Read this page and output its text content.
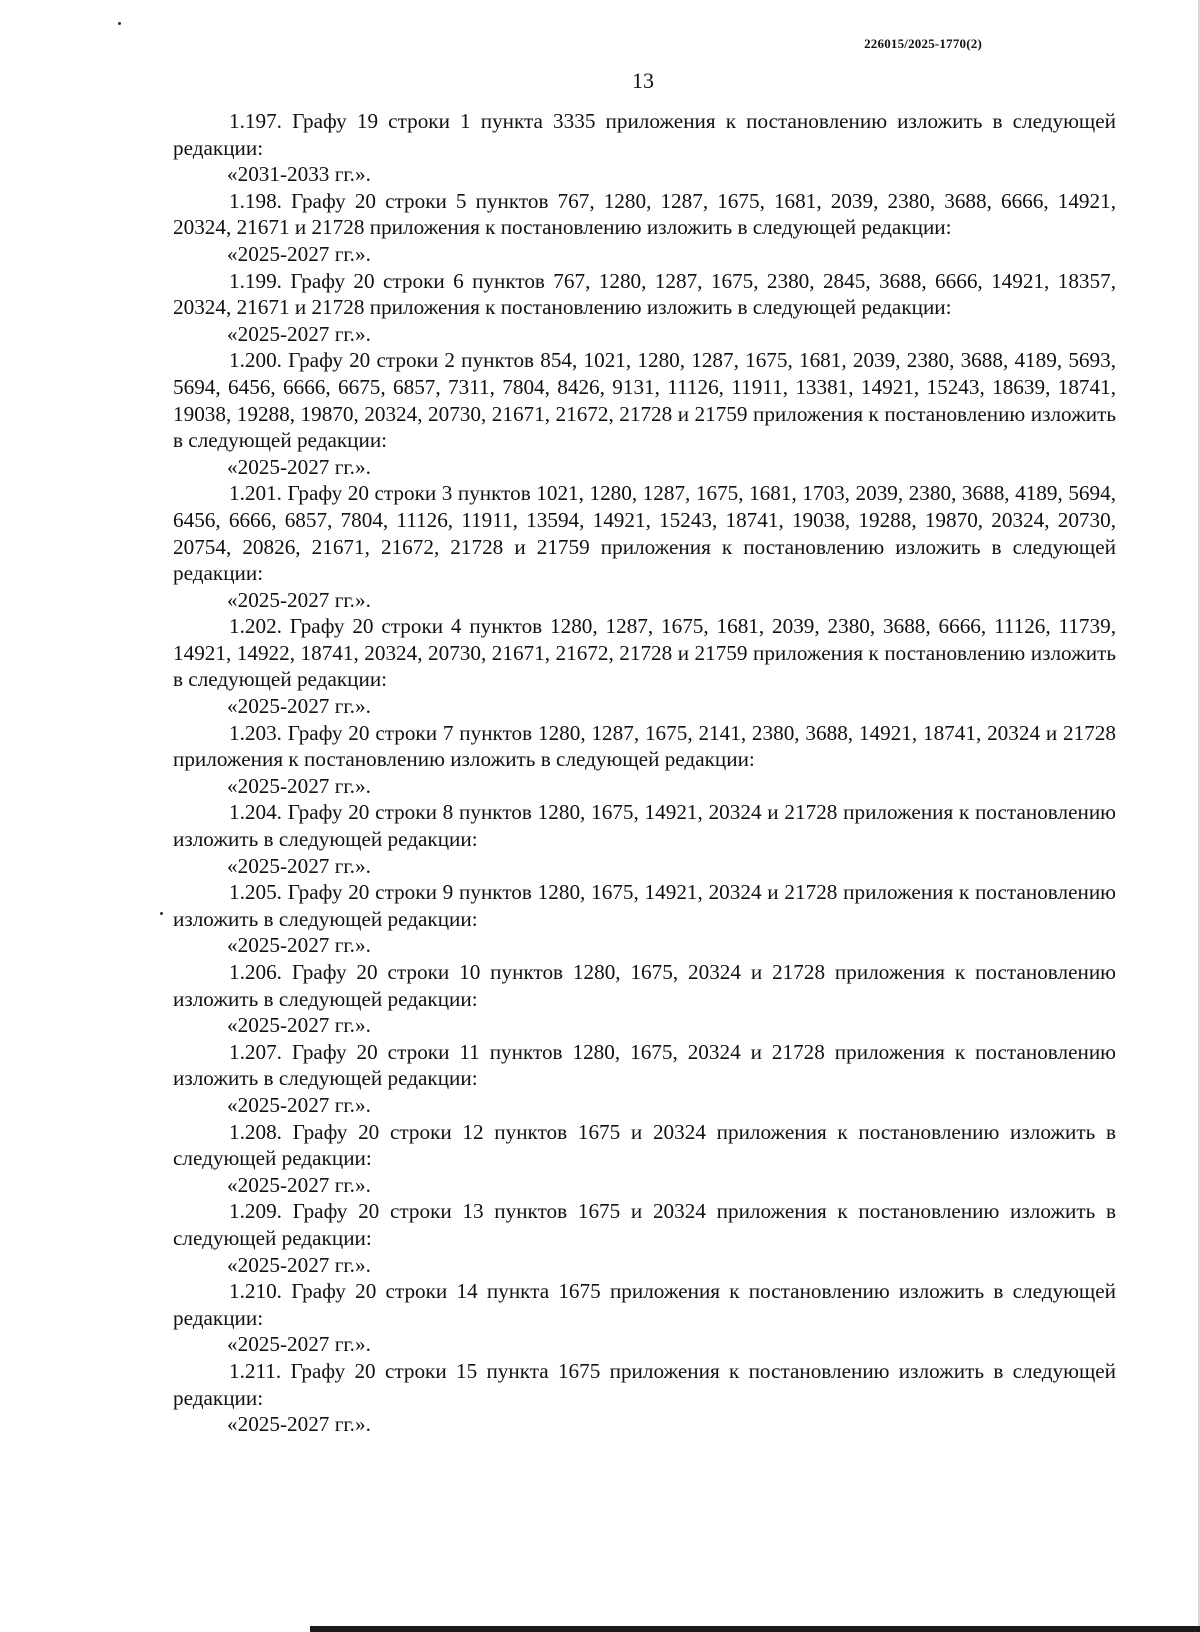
226015/2025-1770(2)
13

1.197. Графу 19 строки 1 пункта 3335 приложения к постановлению изложить в следующей редакции:

«2031-2033 гг.».

1.198. Графу 20 строки 5 пунктов 767, 1280, 1287, 1675, 1681, 2039, 2380, 3688, 6666, 14921, 20324, 21671 и 21728 приложения к постановлению изложить в следующей редакции:

«2025-2027 гг.».

1.199. Графу 20 строки 6 пунктов 767, 1280, 1287, 1675, 2380, 2845, 3688, 6666, 14921, 18357, 20324, 21671 и 21728 приложения к постановлению изложить в следующей редакции:

«2025-2027 гг.».

1.200. Графу 20 строки 2 пунктов 854, 1021, 1280, 1287, 1675, 1681, 2039, 2380, 3688, 4189, 5693, 5694, 6456, 6666, 6675, 6857, 7311, 7804, 8426, 9131, 11126, 11911, 13381, 14921, 15243, 18639, 18741, 19038, 19288, 19870, 20324, 20730, 21671, 21672, 21728 и 21759 приложения к постановлению изложить в следующей редакции:

«2025-2027 гг.».

1.201. Графу 20 строки 3 пунктов 1021, 1280, 1287, 1675, 1681, 1703, 2039, 2380, 3688, 4189, 5694, 6456, 6666, 6857, 7804, 11126, 11911, 13594, 14921, 15243, 18741, 19038, 19288, 19870, 20324, 20730, 20754, 20826, 21671, 21672, 21728 и 21759 приложения к постановлению изложить в следующей редакции:

«2025-2027 гг.».

1.202. Графу 20 строки 4 пунктов 1280, 1287, 1675, 1681, 2039, 2380, 3688, 6666, 11126, 11739, 14921, 14922, 18741, 20324, 20730, 21671, 21672, 21728 и 21759 приложения к постановлению изложить в следующей редакции:

«2025-2027 гг.».

1.203. Графу 20 строки 7 пунктов 1280, 1287, 1675, 2141, 2380, 3688, 14921, 18741, 20324 и 21728 приложения к постановлению изложить в следующей редакции:

«2025-2027 гг.».

1.204. Графу 20 строки 8 пунктов 1280, 1675, 14921, 20324 и 21728 приложения к постановлению изложить в следующей редакции:

«2025-2027 гг.».

1.205. Графу 20 строки 9 пунктов 1280, 1675, 14921, 20324 и 21728 приложения к постановлению изложить в следующей редакции:

«2025-2027 гг.».

1.206. Графу 20 строки 10 пунктов 1280, 1675, 20324 и 21728 приложения к постановлению изложить в следующей редакции:

«2025-2027 гг.».

1.207. Графу 20 строки 11 пунктов 1280, 1675, 20324 и 21728 приложения к постановлению изложить в следующей редакции:

«2025-2027 гг.».

1.208. Графу 20 строки 12 пунктов 1675 и 20324 приложения к постановлению изложить в следующей редакции:

«2025-2027 гг.».

1.209. Графу 20 строки 13 пунктов 1675 и 20324 приложения к постановлению изложить в следующей редакции:

«2025-2027 гг.».

1.210. Графу 20 строки 14 пункта 1675 приложения к постановлению изложить в следующей редакции:

«2025-2027 гг.».

1.211. Графу 20 строки 15 пункта 1675 приложения к постановлению изложить в следующей редакции:

«2025-2027 гг.».
